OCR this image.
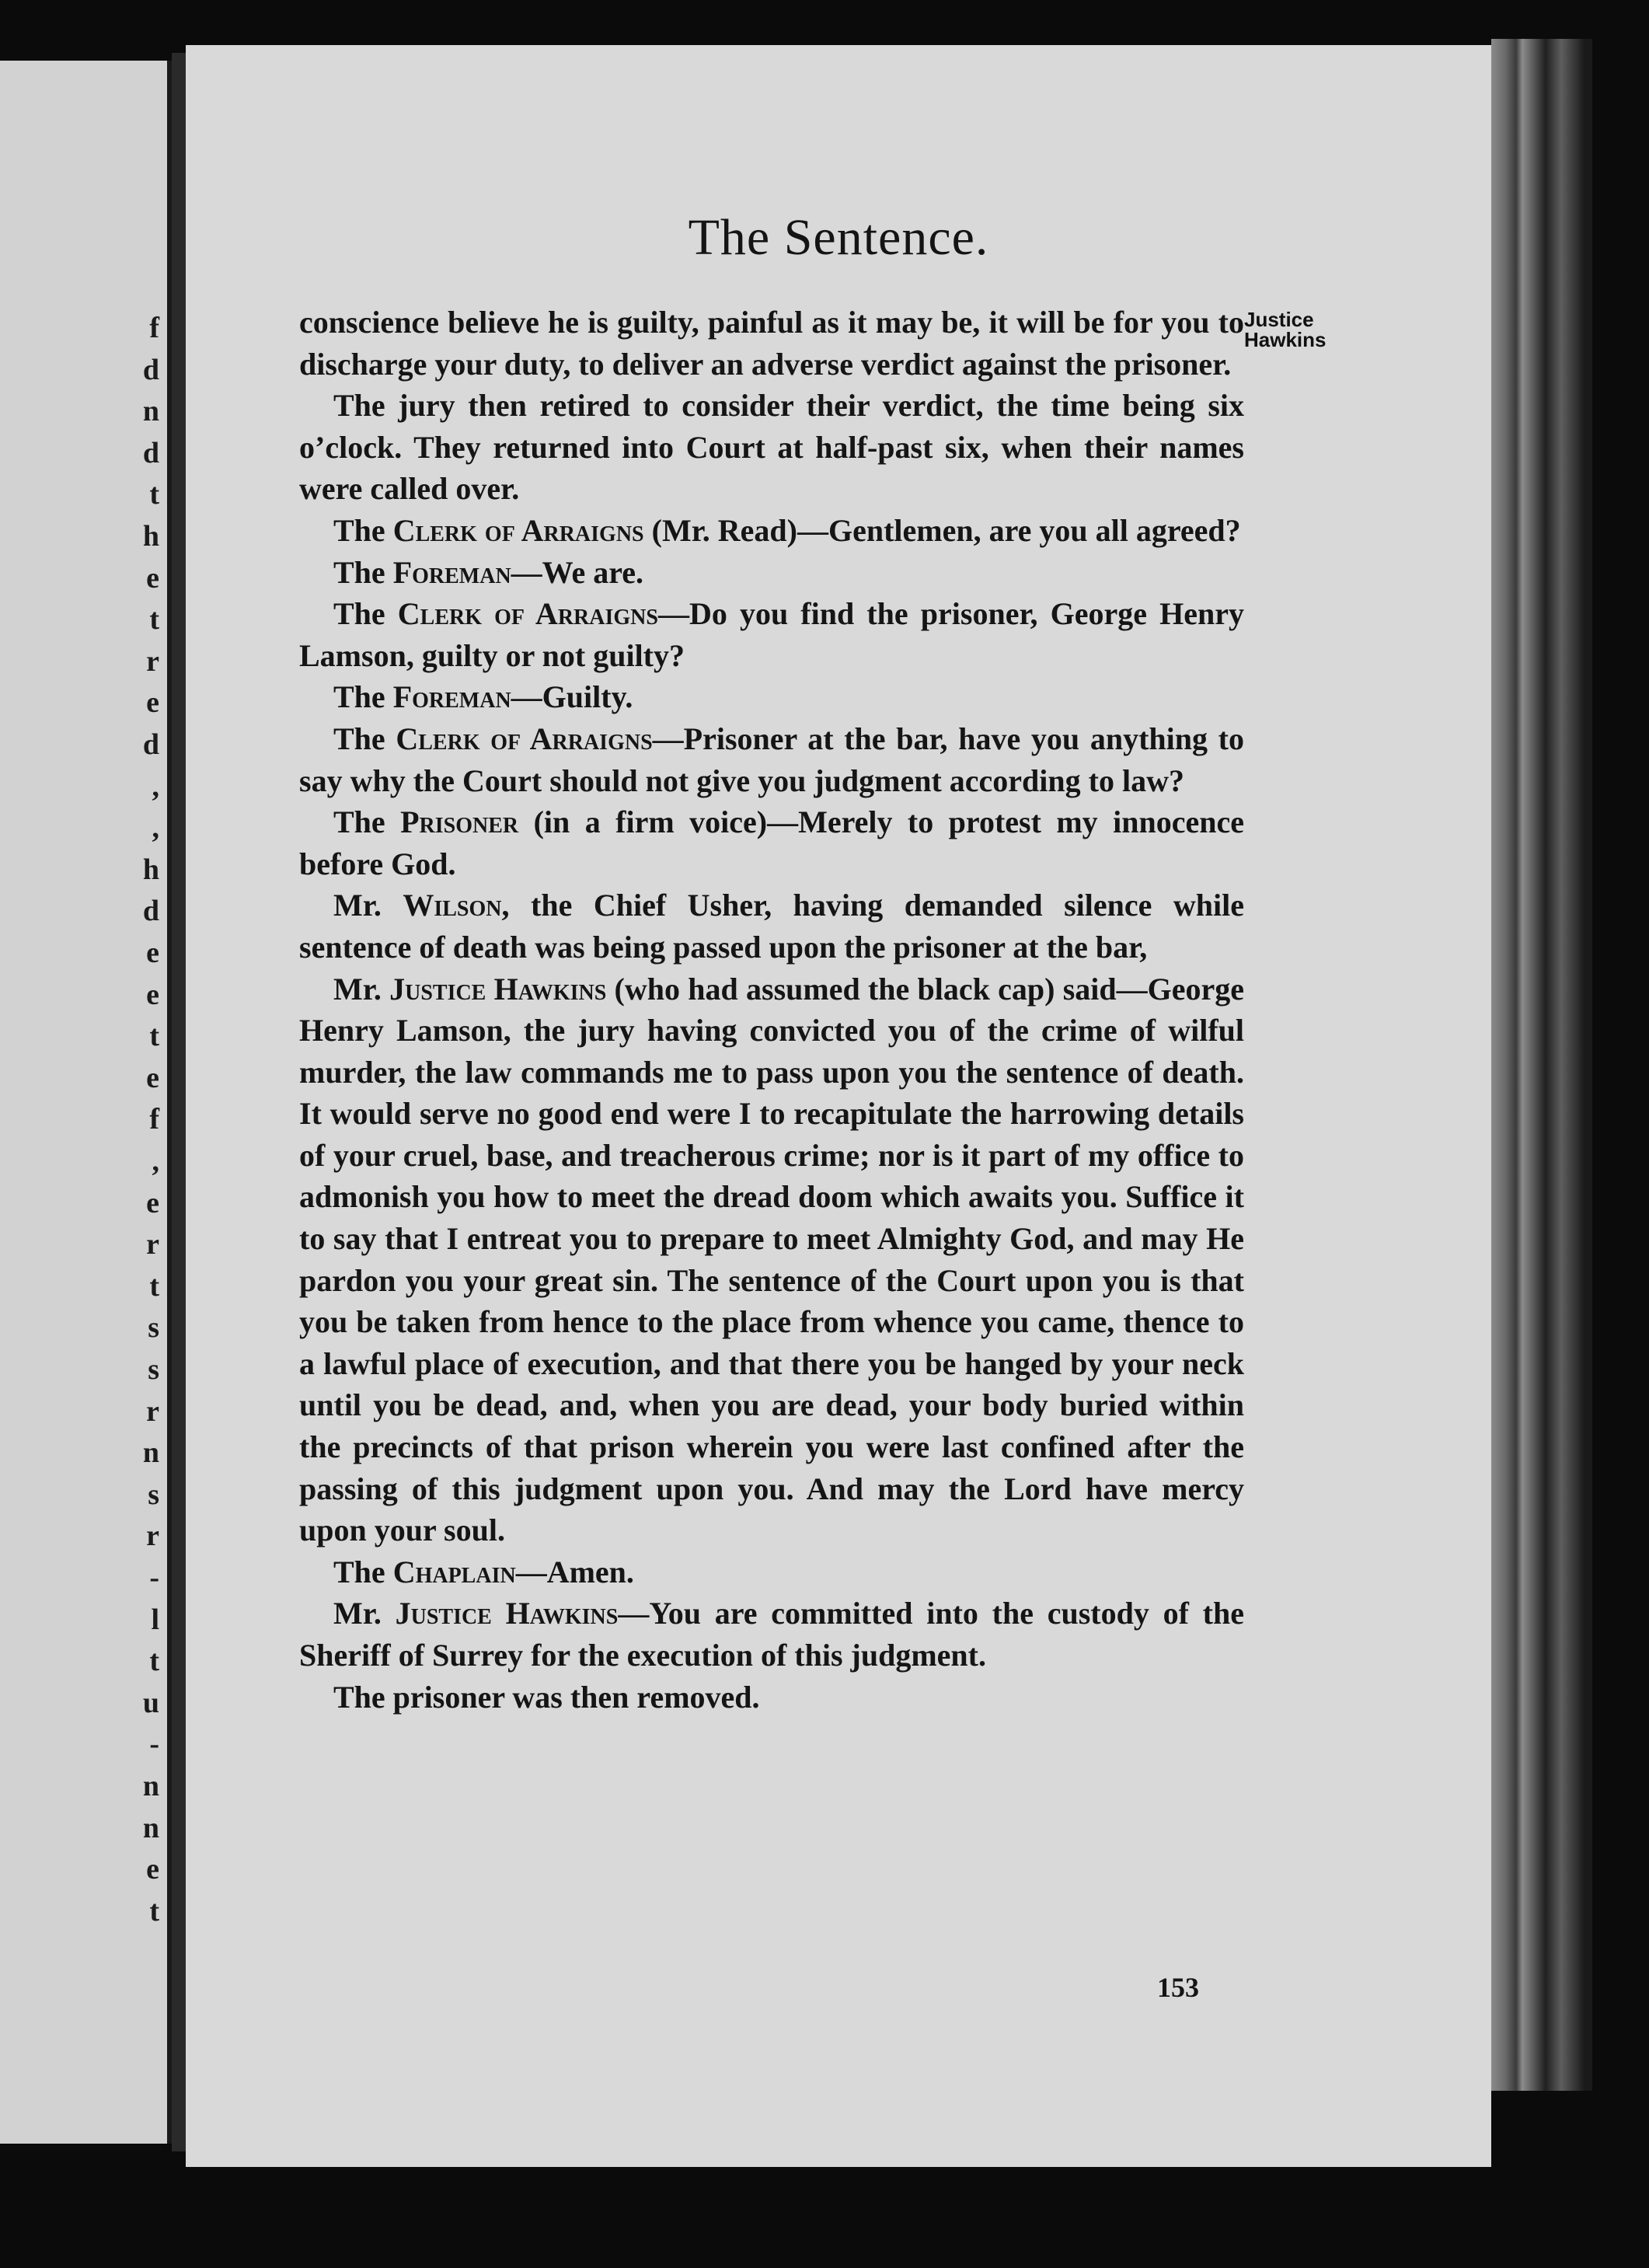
f
d
n
d
t
h
e
t
r
e
d
,
,
h
d
e
e
t
e
f
,
e
r
t
s
s
r
n
s
r
-
l
t
u
-
n
n
e
t
The Sentence.
Justice Hawkins

conscience believe he is guilty, painful as it may be, it will be for you to discharge your duty, to deliver an adverse verdict against the prisoner.

The jury then retired to consider their verdict, the time being six o’clock. They returned into Court at half-past six, when their names were called over.

The Clerk of Arraigns (Mr. Read)—Gentlemen, are you all agreed?

The Foreman—We are.

The Clerk of Arraigns—Do you find the prisoner, George Henry Lamson, guilty or not guilty?

The Foreman—Guilty.

The Clerk of Arraigns—Prisoner at the bar, have you anything to say why the Court should not give you judgment according to law?

The Prisoner (in a firm voice)—Merely to protest my innocence before God.

Mr. Wilson, the Chief Usher, having demanded silence while sentence of death was being passed upon the prisoner at the bar,

Mr. Justice Hawkins (who had assumed the black cap) said—George Henry Lamson, the jury having convicted you of the crime of wilful murder, the law commands me to pass upon you the sentence of death. It would serve no good end were I to recapitulate the harrowing details of your cruel, base, and treacherous crime; nor is it part of my office to admonish you how to meet the dread doom which awaits you. Suffice it to say that I entreat you to prepare to meet Almighty God, and may He pardon you your great sin. The sentence of the Court upon you is that you be taken from hence to the place from whence you came, thence to a lawful place of execution, and that there you be hanged by your neck until you be dead, and, when you are dead, your body buried within the precincts of that prison wherein you were last confined after the passing of this judgment upon you. And may the Lord have mercy upon your soul.

The Chaplain—Amen.

Mr. Justice Hawkins—You are committed into the custody of the Sheriff of Surrey for the execution of this judgment.

The prisoner was then removed.

153
